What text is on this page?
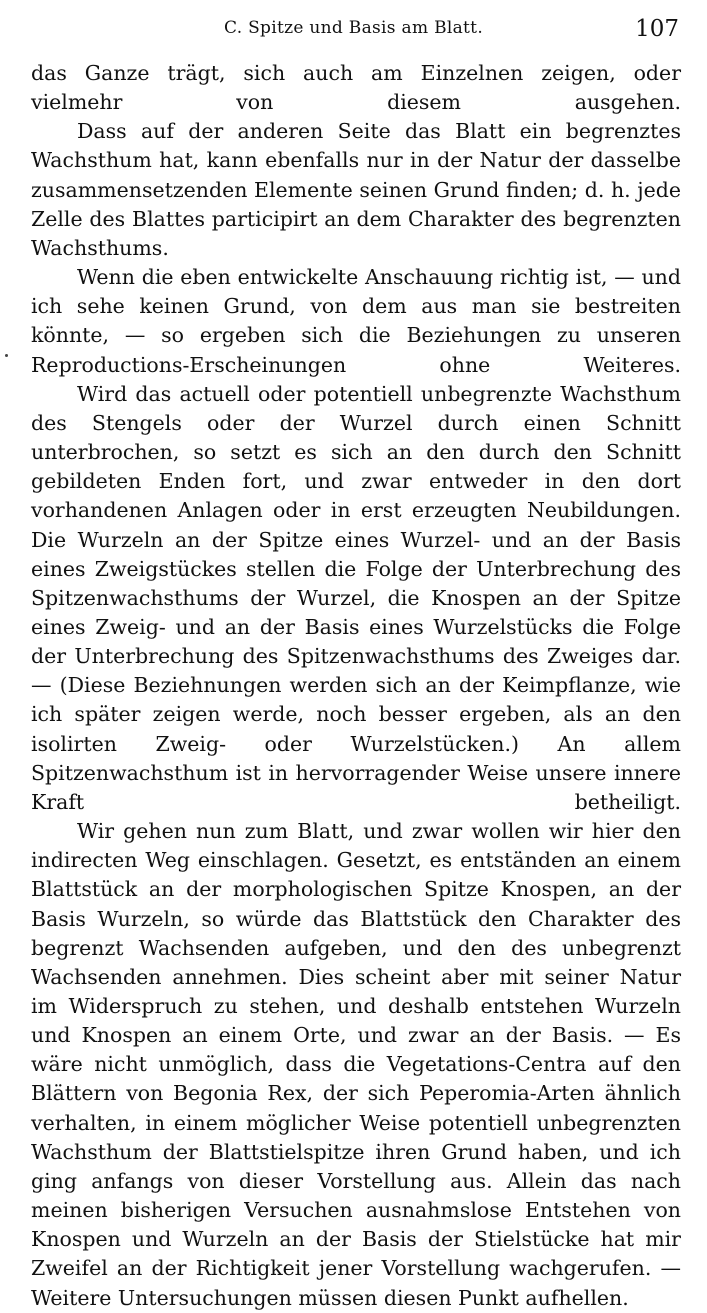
C. Spitze und Basis am Blatt.	107

das Ganze trägt, sich auch am Einzelnen zeigen, oder vielmehr von diesem ausgehen.

Dass auf der anderen Seite das Blatt ein begrenztes Wachsthum hat, kann ebenfalls nur in der Natur der dasselbe zusammensetzenden Elemente seinen Grund finden; d. h. jede Zelle des Blattes participirt an dem Charakter des begrenzten Wachsthums.

Wenn die eben entwickelte Anschauung richtig ist, — und ich sehe keinen Grund, von dem aus man sie bestreiten könnte, — so ergeben sich die Beziehungen zu unseren Reproductions-Erscheinungen ohne Weiteres.

Wird das actuell oder potentiell unbegrenzte Wachsthum des Stengels oder der Wurzel durch einen Schnitt unterbrochen, so setzt es sich an den durch den Schnitt gebildeten Enden fort, und zwar entweder in den dort vorhandenen Anlagen oder in erst erzeugten Neubildungen. Die Wurzeln an der Spitze eines Wurzel- und an der Basis eines Zweigstückes stellen die Folge der Unterbrechung des Spitzenwachsthums der Wurzel, die Knospen an der Spitze eines Zweig- und an der Basis eines Wurzelstücks die Folge der Unterbrechung des Spitzenwachsthums des Zweiges dar. — (Diese Beziehnungen werden sich an der Keimpflanze, wie ich später zeigen werde, noch besser ergeben, als an den isolirten Zweig- oder Wurzelstücken.) An allem Spitzenwachsthum ist in hervorragender Weise unsere innere Kraft betheiligt.

Wir gehen nun zum Blatt, und zwar wollen wir hier den indirecten Weg einschlagen. Gesetzt, es entständen an einem Blattstück an der morphologischen Spitze Knospen, an der Basis Wurzeln, so würde das Blattstück den Charakter des begrenzt Wachsenden aufgeben, und den des unbegrenzt Wachsenden annehmen. Dies scheint aber mit seiner Natur im Widerspruch zu stehen, und deshalb entstehen Wurzeln und Knospen an einem Orte, und zwar an der Basis. — Es wäre nicht unmöglich, dass die Vegetations-Centra auf den Blättern von Begonia Rex, der sich Peperomia-Arten ähnlich verhalten, in einem möglicher Weise potentiell unbegrenzten Wachsthum der Blattstielspitze ihren Grund haben, und ich ging anfangs von dieser Vorstellung aus. Allein das nach meinen bisherigen Versuchen ausnahmslose Entstehen von Knospen und Wurzeln an der Basis der Stielstücke hat mir Zweifel an der Richtigkeit jener Vorstellung wachgerufen. — Weitere Untersuchungen müssen diesen Punkt aufhellen.
